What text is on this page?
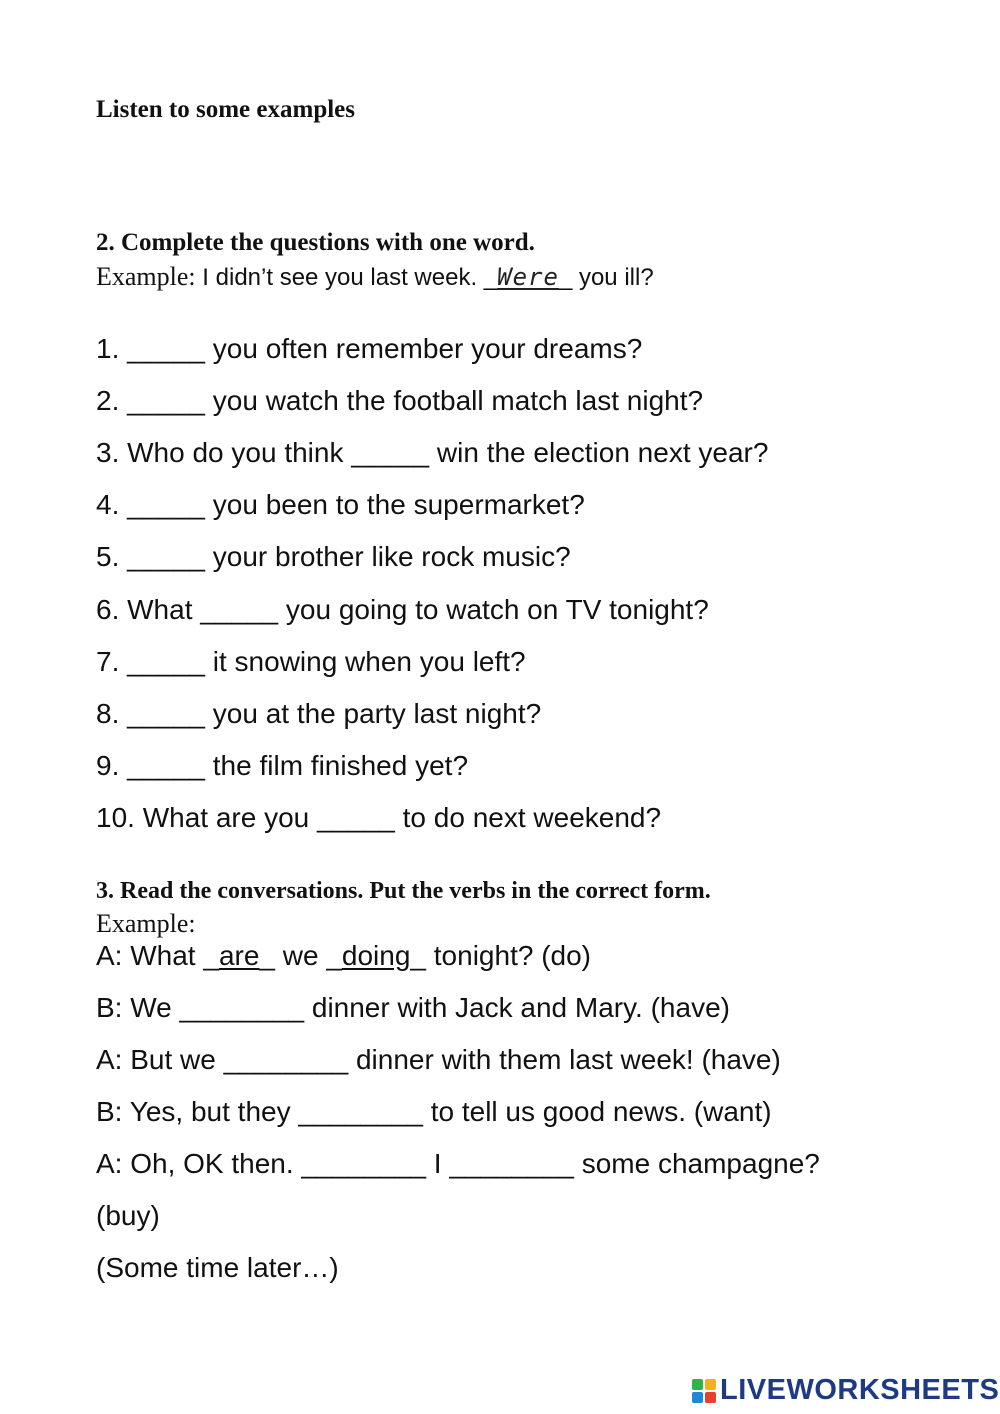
Listen to some examples
2. Complete the questions with one word.
Example: I didn’t see you last week. _Were_ you ill?
1. _____ you often remember your dreams?
2. _____ you watch the football match last night?
3. Who do you think _____ win the election next year?
4. _____ you been to the supermarket?
5. _____ your brother like rock music?
6. What _____ you going to watch on TV tonight?
7. _____ it snowing when you left?
8. _____ you at the party last night?
9. _____ the film finished yet?
10. What are you _____ to do next weekend?
3. Read the conversations. Put the verbs in the correct form.
Example:
A: What _are_ we _doing_ tonight? (do)
B: We ________ dinner with Jack and Mary. (have)
A: But we ________ dinner with them last week! (have)
B: Yes, but they ________ to tell us good news. (want)
A: Oh, OK then. ________ I ________ some champagne?
(buy)
(Some time later…)
LIVEWORKSHEETS
